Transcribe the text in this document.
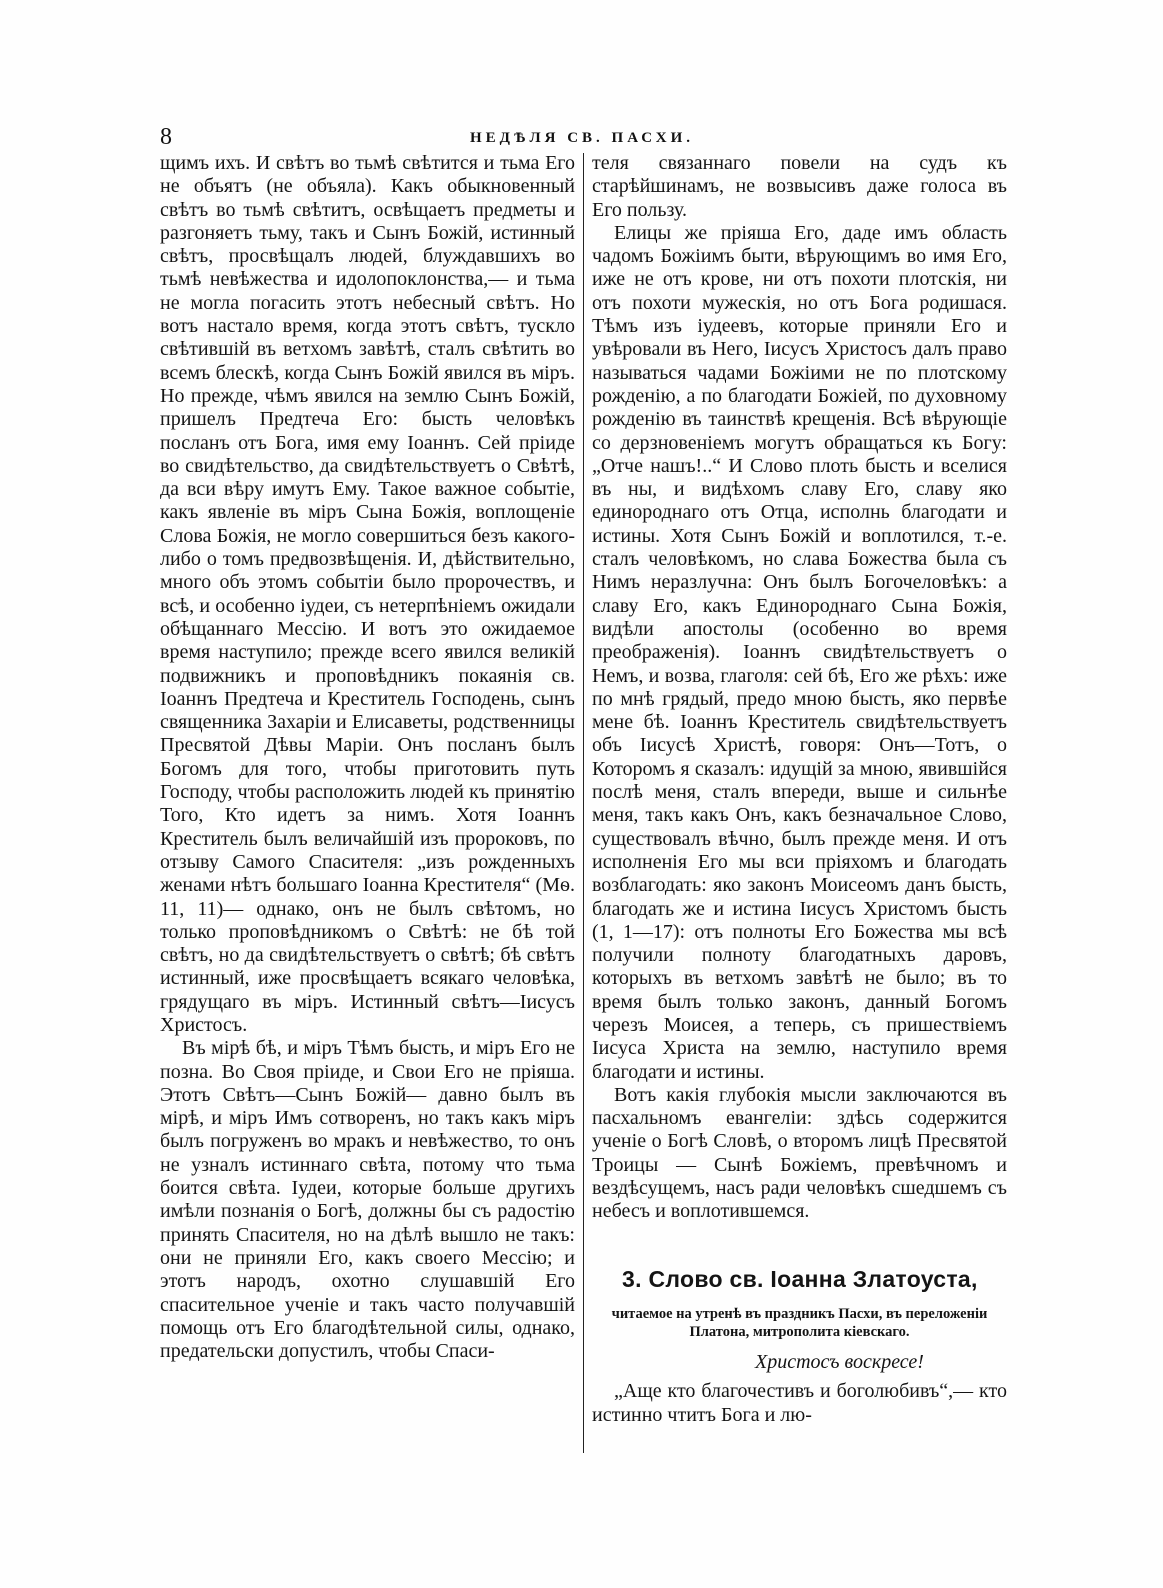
8	НЕДѢЛЯ СВ. ПАСХИ.

щимъ ихъ. И свѣтъ во тьмѣ свѣтится и тьма Его не объятъ (не объяла). Какъ обыкновенный свѣтъ во тьмѣ свѣтитъ, освѣщаетъ предметы и разгоняетъ тьму, такъ и Сынъ Божій, истинный свѣтъ, просвѣщалъ людей, блуждавшихъ во тьмѣ невѣжества и идолопоклонства,— и тьма не могла погасить этотъ небесный свѣтъ. Но вотъ настало время, когда этотъ свѣтъ, тускло свѣтившій въ ветхомъ завѣтѣ, сталъ свѣтить во всемъ блескѣ, когда Сынъ Божій явился въ міръ. Но прежде, чѣмъ явился на землю Сынъ Божій, пришелъ Предтеча Его: бысть человѣкъ посланъ отъ Бога, имя ему Іоаннъ. Сей пріиде во свидѣтельство, да свидѣтельствуетъ о Свѣтѣ, да вси вѣру имутъ Ему. Такое важное событіе, какъ явленіе въ міръ Сына Божія, воплощеніе Слова Божія, не могло совершиться безъ какого-либо о томъ предвозвѣщенія. И, дѣйствительно, много объ этомъ событіи было пророчествъ, и всѣ, и особенно іудеи, съ нетерпѣніемъ ожидали обѣщаннаго Мессію. И вотъ это ожидаемое время наступило; прежде всего явился великій подвижникъ и проповѣдникъ покаянія св. Іоаннъ Предтеча и Креститель Господень, сынъ священника Захаріи и Елисаветы, родственницы Пресвятой Дѣвы Маріи. Онъ посланъ былъ Богомъ для того, чтобы приготовить путь Господу, чтобы расположить людей къ принятію Того, Кто идетъ за нимъ. Хотя Іоаннъ Креститель былъ величайшій изъ пророковъ, по отзыву Самого Спасителя: „изъ рожденныхъ женами нѣтъ большаго Іоанна Крестителя“ (Мѳ. 11, 11)— однако, онъ не былъ свѣтомъ, но только проповѣдникомъ о Свѣтѣ: не бѣ той свѣтъ, но да свидѣтельствуетъ о свѣтѣ; бѣ свѣтъ истинный, иже просвѣщаетъ всякаго человѣка, грядущаго въ міръ. Истинный свѣтъ—Іисусъ Христосъ.

Въ мірѣ бѣ, и міръ Тѣмъ бысть, и міръ Его не позна. Во Своя пріиде, и Свои Его не пріяша. Этотъ Свѣтъ—Сынъ Божій— давно былъ въ мірѣ, и міръ Имъ сотворенъ, но такъ какъ міръ былъ погруженъ во мракъ и невѣжество, то онъ не узналъ истиннаго свѣта, потому что тьма боится свѣта. Іудеи, которые больше другихъ имѣли познанія о Богѣ, должны бы съ радостію принять Спасителя, но на дѣлѣ вышло не такъ: они не приняли Его, какъ своего Мессію; и этотъ народъ, охотно слушавшій Его спасительное ученіе и такъ часто получавшій помощь отъ Его благодѣтельной силы, однако, предательски допустилъ, чтобы Спаси-

теля связаннаго повели на судъ къ старѣйшинамъ, не возвысивъ даже голоса въ Его пользу.

Елицы же пріяша Его, даде имъ область чадомъ Божіимъ быти, вѣрующимъ во имя Его, иже не отъ крове, ни отъ похоти плотскія, ни отъ похоти мужескія, но отъ Бога родишася. Тѣмъ изъ іудеевъ, которые приняли Его и увѣровали въ Него, Іисусъ Христосъ далъ право называться чадами Божіими не по плотскому рожденію, а по благодати Божіей, по духовному рожденію въ таинствѣ крещенія. Всѣ вѣрующіе со дерзновеніемъ могутъ обращаться къ Богу: „Отче нашъ!..“ И Слово плоть бысть и вселися въ ны, и видѣхомъ славу Его, славу яко единороднаго отъ Отца, исполнь благодати и истины. Хотя Сынъ Божій и воплотился, т.-е. сталъ человѣкомъ, но слава Божества была съ Нимъ неразлучна: Онъ былъ Богочеловѣкъ: а славу Его, какъ Единороднаго Сына Божія, видѣли апостолы (особенно во время преображенія). Іоаннъ свидѣтельствуетъ о Немъ, и возва, глаголя: сей бѣ, Его же рѣхъ: иже по мнѣ грядый, предо мною бысть, яко первѣе мене бѣ. Іоаннъ Креститель свидѣтельствуетъ объ Іисусѣ Христѣ, говоря: Онъ—Тотъ, о Которомъ я сказалъ: идущій за мною, явившійся послѣ меня, сталъ впереди, выше и сильнѣе меня, такъ какъ Онъ, какъ безначальное Слово, существовалъ вѣчно, былъ прежде меня. И отъ исполненія Его мы вси пріяхомъ и благодать возблагодать: яко законъ Моисеомъ данъ бысть, благодать же и истина Іисусъ Христомъ бысть (1, 1—17): отъ полноты Его Божества мы всѣ получили полноту благодатныхъ даровъ, которыхъ въ ветхомъ завѣтѣ не было; въ то время былъ только законъ, данный Богомъ черезъ Моисея, а теперь, съ пришествіемъ Іисуса Христа на землю, наступило время благодати и истины.

Вотъ какія глубокія мысли заключаются въ пасхальномъ евангеліи: здѣсь содержится ученіе о Богѣ Словѣ, о второмъ лицѣ Пресвятой Троицы — Сынѣ Божіемъ, превѣчномъ и вездѣсущемъ, насъ ради человѣкъ сшедшемъ съ небесъ и воплотившемся.

3. Слово св. Іоанна Златоуста,
читаемое на утренѣ въ праздникъ Пасхи, въ переложеніи Платона, митрополита кіевскаго.
Христосъ воскресе!

„Аще кто благочестивъ и боголюбивъ“,— кто истинно чтитъ Бога и лю-
